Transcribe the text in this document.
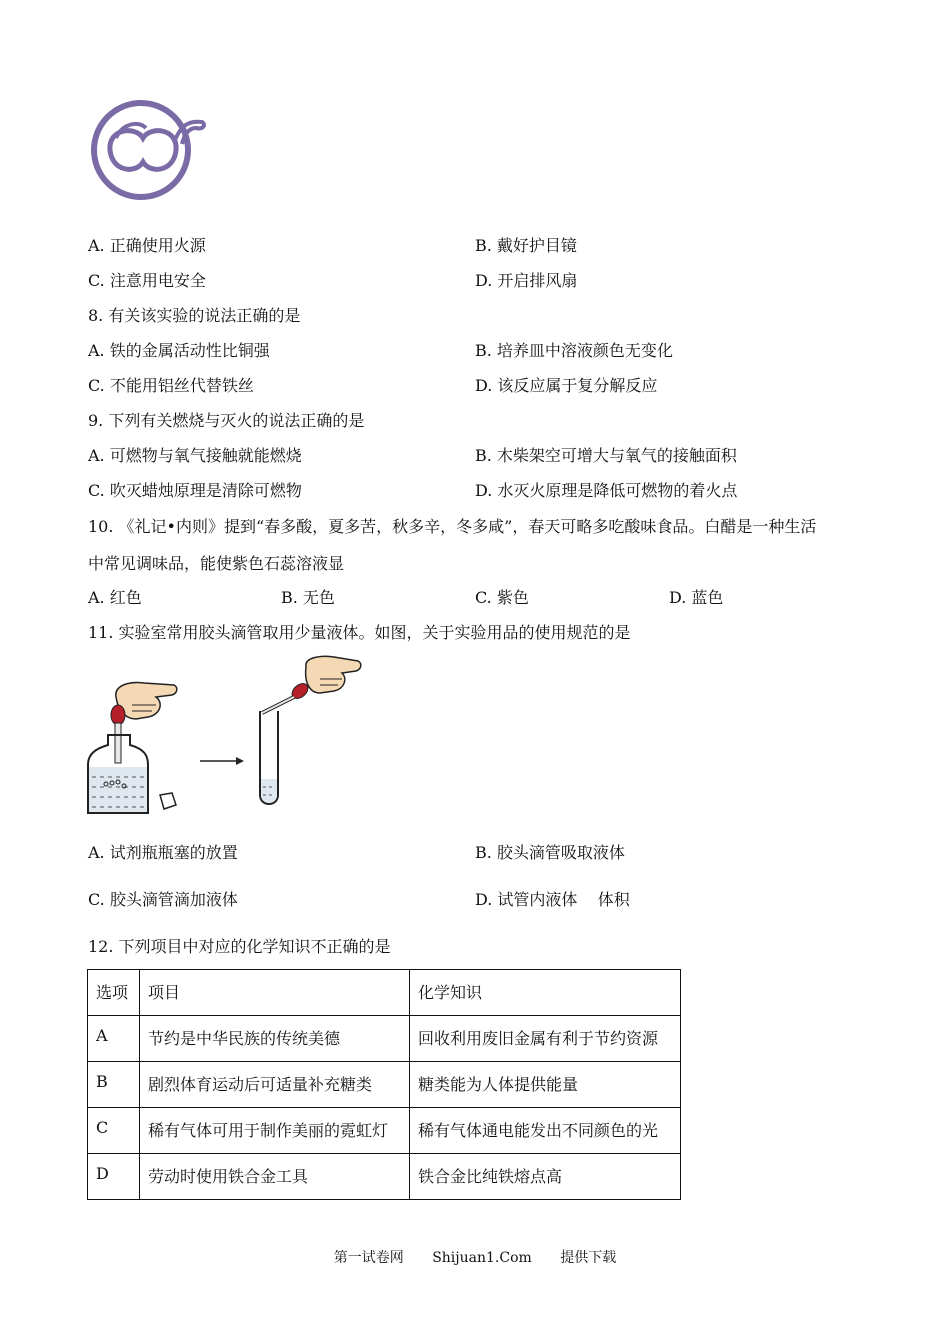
A. 正确使用火源	B. 戴好护目镜
C. 注意用电安全	D. 开启排风扇
8. 有关该实验的说法正确的是
A. 铁的金属活动性比铜强	B. 培养皿中溶液颜色无变化
C. 不能用铝丝代替铁丝	D. 该反应属于复分解反应
9. 下列有关燃烧与灭火的说法正确的是
A. 可燃物与氧气接触就能燃烧	B. 木柴架空可增大与氧气的接触面积
C. 吹灭蜡烛原理是清除可燃物	D. 水灭火原理是降低可燃物的着火点
10. 《礼记•内则》提到“春多酸，夏多苦，秋多辛，冬多咸”，春天可略多吃酸味食品。白醋是一种生活
中常见调味品，能使紫色石蕊溶液显
A. 红色	B. 无色	C. 紫色	D. 蓝色
11. 实验室常用胶头滴管取用少量液体。如图，关于实验用品的使用规范的是
A. 试剂瓶瓶塞的放置	B. 胶头滴管吸取液体
C. 胶头滴管滴加液体	D. 试管内液体    体积
12. 下列项目中对应的化学知识不正确的是
选项	项目	化学知识
A	节约是中华民族的传统美德	回收利用废旧金属有利于节约资源
B	剧烈体育运动后可适量补充糖类	糖类能为人体提供能量
C	稀有气体可用于制作美丽的霓虹灯	稀有气体通电能发出不同颜色的光
D	劳动时使用铁合金工具	铁合金比纯铁熔点高
第一试卷网 Shijuan1.Com 提供下载
